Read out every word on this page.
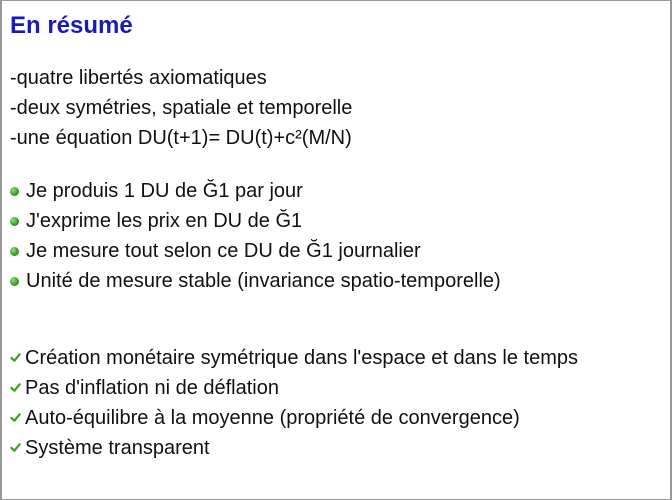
En résumé
-quatre libertés axiomatiques
-deux symétries, spatiale et temporelle
-une équation DU(t+1)= DU(t)+c²(M/N)
Je produis 1 DU de Ğ1 par jour
J'exprime les prix en DU de Ğ1
Je mesure tout selon ce DU de Ğ1 journalier
Unité de mesure stable (invariance spatio-temporelle)
Création monétaire symétrique dans l'espace et dans le temps
Pas d'inflation ni de déflation
Auto-équilibre à la moyenne (propriété de convergence)
Système transparent
